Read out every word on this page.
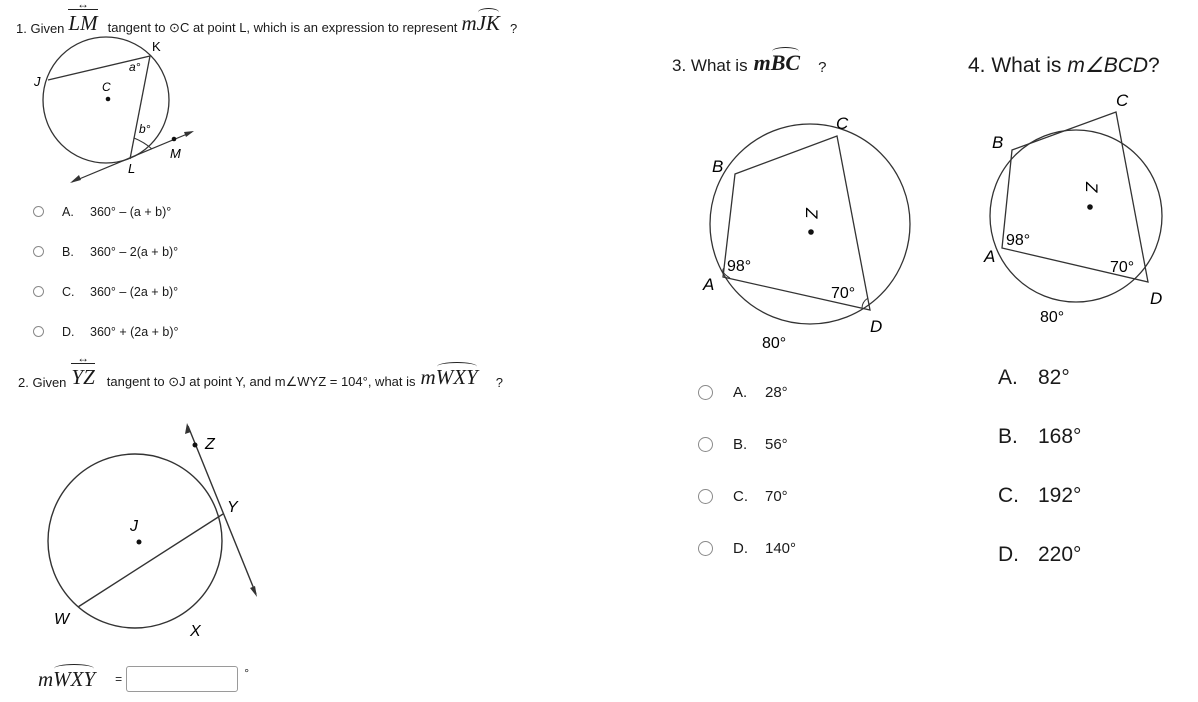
1. Given LM ↔ tangent to ⊙C at point L, which is an expression to represent m JK ?
K
J	C
a°
b°
M
L
A.	360° – (a + b)°
B.	360° – 2(a + b)°
C.	360° – (2a + b)°
D.	360° + (2a + b)°
2. Given YZ ↔ tangent to ⊙J at point Y, and m∠WYZ = 104°, what is m WXY ?
Z
Y
J
W
X
m WXY =	°
3. What is m BC ?
B
C
Z
A
D
98°
70°
80°
A.	28°
B.	56°
C.	70°
D.	140°
4. What is m∠BCD ?
C
B
Z
A
D
98°
70°
80°
A. 82°
B. 168°
C. 192°
D. 220°
